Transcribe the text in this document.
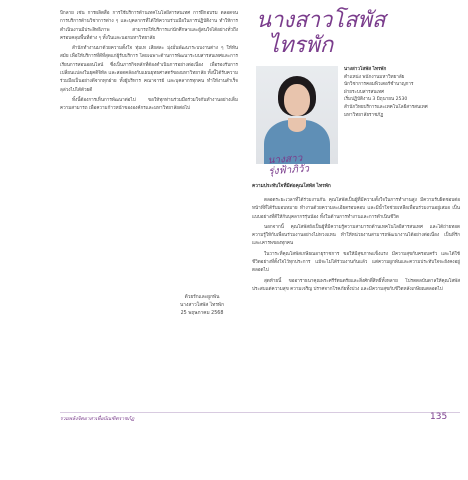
ปีกลาย เช่น การผลิตสื่อ การใช้บริการด้านเทคโนโลยีสารสนเทศ การฝึกอบรม ตลอดจนการบริการด้านวิชาการต่าง ๆ และบุคลากรที่ได้ให้ความร่วมมือในการปฏิบัติงาน ทำให้การดำเนินงานมีประสิทธิภาพ สามารถให้บริการแก่นักศึกษาและผู้สนใจได้อย่างทั่วถึง ครอบคลุมพื้นที่ต่าง ๆ ทั้งในและนอกมหาวิทยาลัย

สำนักทำงานมาด้วยความตั้งใจ ทุ่มเท เสียสละ มุ่งมั่นพัฒนาระบบงานต่าง ๆ ให้ทันสมัย เพื่อให้บริการที่ดีที่สุดแก่ผู้รับบริการ โดยเฉพาะด้านการพัฒนาระบบสารสนเทศและการเรียนการสอนออนไลน์ ซึ่งเป็นภารกิจหลักที่ต้องดำเนินการอย่างต่อเนื่อง เพื่อรองรับการเปลี่ยนแปลงในยุคดิจิทัล และสอดคล้องกับแผนยุทธศาสตร์ของมหาวิทยาลัย ทั้งนี้ได้รับความร่วมมือเป็นอย่างดีจากทุกฝ่าย ทั้งผู้บริหาร คณาจารย์ และบุคลากรทุกคน ทำให้งานสำเร็จลุล่วงไปได้ด้วยดี

ทั้งนี้ต้องการเห็นการพัฒนาต่อไป ขอให้ทุกท่านร่วมมือร่วมใจกันทำงานอย่างเต็มความสามารถ เพื่อความก้าวหน้าขององค์กรและมหาวิทยาลัยต่อไป

ด้วยรักและผูกพัน
นางสาวโสพัส ไทรพัก
25 พฤษภาคม 2568
นางสาวโสพัส
ไทรพัก
นางสาว
รุ่งฟ้าภิวัว
นางสาวโสพัส ไทรพัก
ตำแหน่ง พนักงานมหาวิทยาลัย
นักวิชาการคอมพิวเตอร์ชำนาญการ
ฝ่ายระบบสารสนเทศ
เริ่มปฏิบัติงาน 3 มิถุนายน 2530
สำนักวิทยบริการและเทคโนโลยีสารสนเทศ
มหาวิทยาลัยราชภัฏ
ความประทับใจที่มีต่อคุณโสพัส ไทรพัก

ตลอดระยะเวลาที่ได้ร่วมงานกัน คุณโสพัสเป็นผู้ที่มีความตั้งใจในการทำงานสูง มีความรับผิดชอบต่อหน้าที่ที่ได้รับมอบหมาย ทำงานด้วยความละเอียดรอบคอบ และมีน้ำใจช่วยเหลือเพื่อนร่วมงานอยู่เสมอ เป็นแบบอย่างที่ดีให้กับบุคลากรรุ่นน้อง ทั้งในด้านการทำงานและการดำเนินชีวิต

นอกจากนี้ คุณโสพัสยังเป็นผู้ที่มีความรู้ความสามารถด้านเทคโนโลยีสารสนเทศ และได้ถ่ายทอดความรู้ให้กับเพื่อนร่วมงานอย่างไม่หวงแหน ทำให้หน่วยงานสามารถพัฒนางานได้อย่างต่อเนื่อง เป็นที่รักและเคารพของทุกคน

ในวาระที่คุณโสพัสเกษียณอายุราชการ ขอให้มีสุขภาพแข็งแรง มีความสุขกับครอบครัว และได้ใช้ชีวิตอย่างที่ตั้งใจไว้ทุกประการ แม้จะไม่ได้ร่วมงานกันแล้ว แต่ความผูกพันและความประทับใจจะยังคงอยู่ตลอดไป

สุดท้ายนี้ ขออาราธนาคุณพระศรีรัตนตรัยและสิ่งศักดิ์สิทธิ์ทั้งหลาย โปรดดลบันดาลให้คุณโสพัสประสบแต่ความสุข ความเจริญ ปราศจากโรคภัยทั้งปวง และมีความสุขกับชีวิตหลังเกษียณตลอดไป

รวมพลังจิตอาสาเพื่อบัณฑิตราชภัฏ	135
